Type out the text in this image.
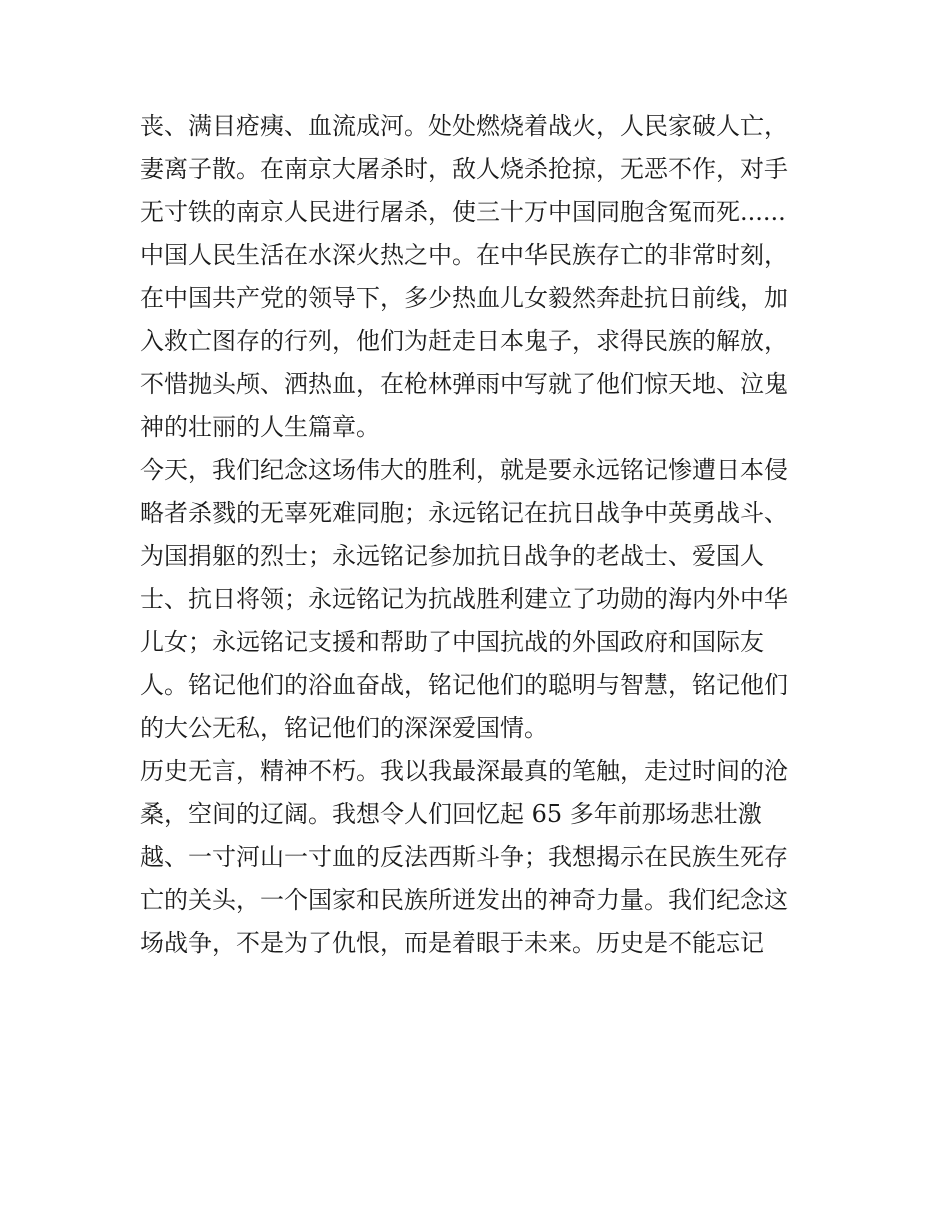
丧、满目疮痍、血流成河。处处燃烧着战火，人民家破人亡，
妻离子散。在南京大屠杀时，敌人烧杀抢掠，无恶不作，对手
无寸铁的南京人民进行屠杀，使三十万中国同胞含冤而死......
中国人民生活在水深火热之中。在中华民族存亡的非常时刻，
在中国共产党的领导下，多少热血儿女毅然奔赴抗日前线，加
入救亡图存的行列，他们为赶走日本鬼子，求得民族的解放，
不惜抛头颅、洒热血，在枪林弹雨中写就了他们惊天地、泣鬼
神的壮丽的人生篇章。
今天，我们纪念这场伟大的胜利，就是要永远铭记惨遭日本侵
略者杀戮的无辜死难同胞；永远铭记在抗日战争中英勇战斗、
为国捐躯的烈士；永远铭记参加抗日战争的老战士、爱国人
士、抗日将领；永远铭记为抗战胜利建立了功勋的海内外中华
儿女；永远铭记支援和帮助了中国抗战的外国政府和国际友
人。铭记他们的浴血奋战，铭记他们的聪明与智慧，铭记他们
的大公无私，铭记他们的深深爱国情。
历史无言，精神不朽。我以我最深最真的笔触，走过时间的沧
桑，空间的辽阔。我想令人们回忆起 65 多年前那场悲壮激
越、一寸河山一寸血的反法西斯斗争；我想揭示在民族生死存
亡的关头，一个国家和民族所迸发出的神奇力量。我们纪念这
场战争，不是为了仇恨，而是着眼于未来。历史是不能忘记
